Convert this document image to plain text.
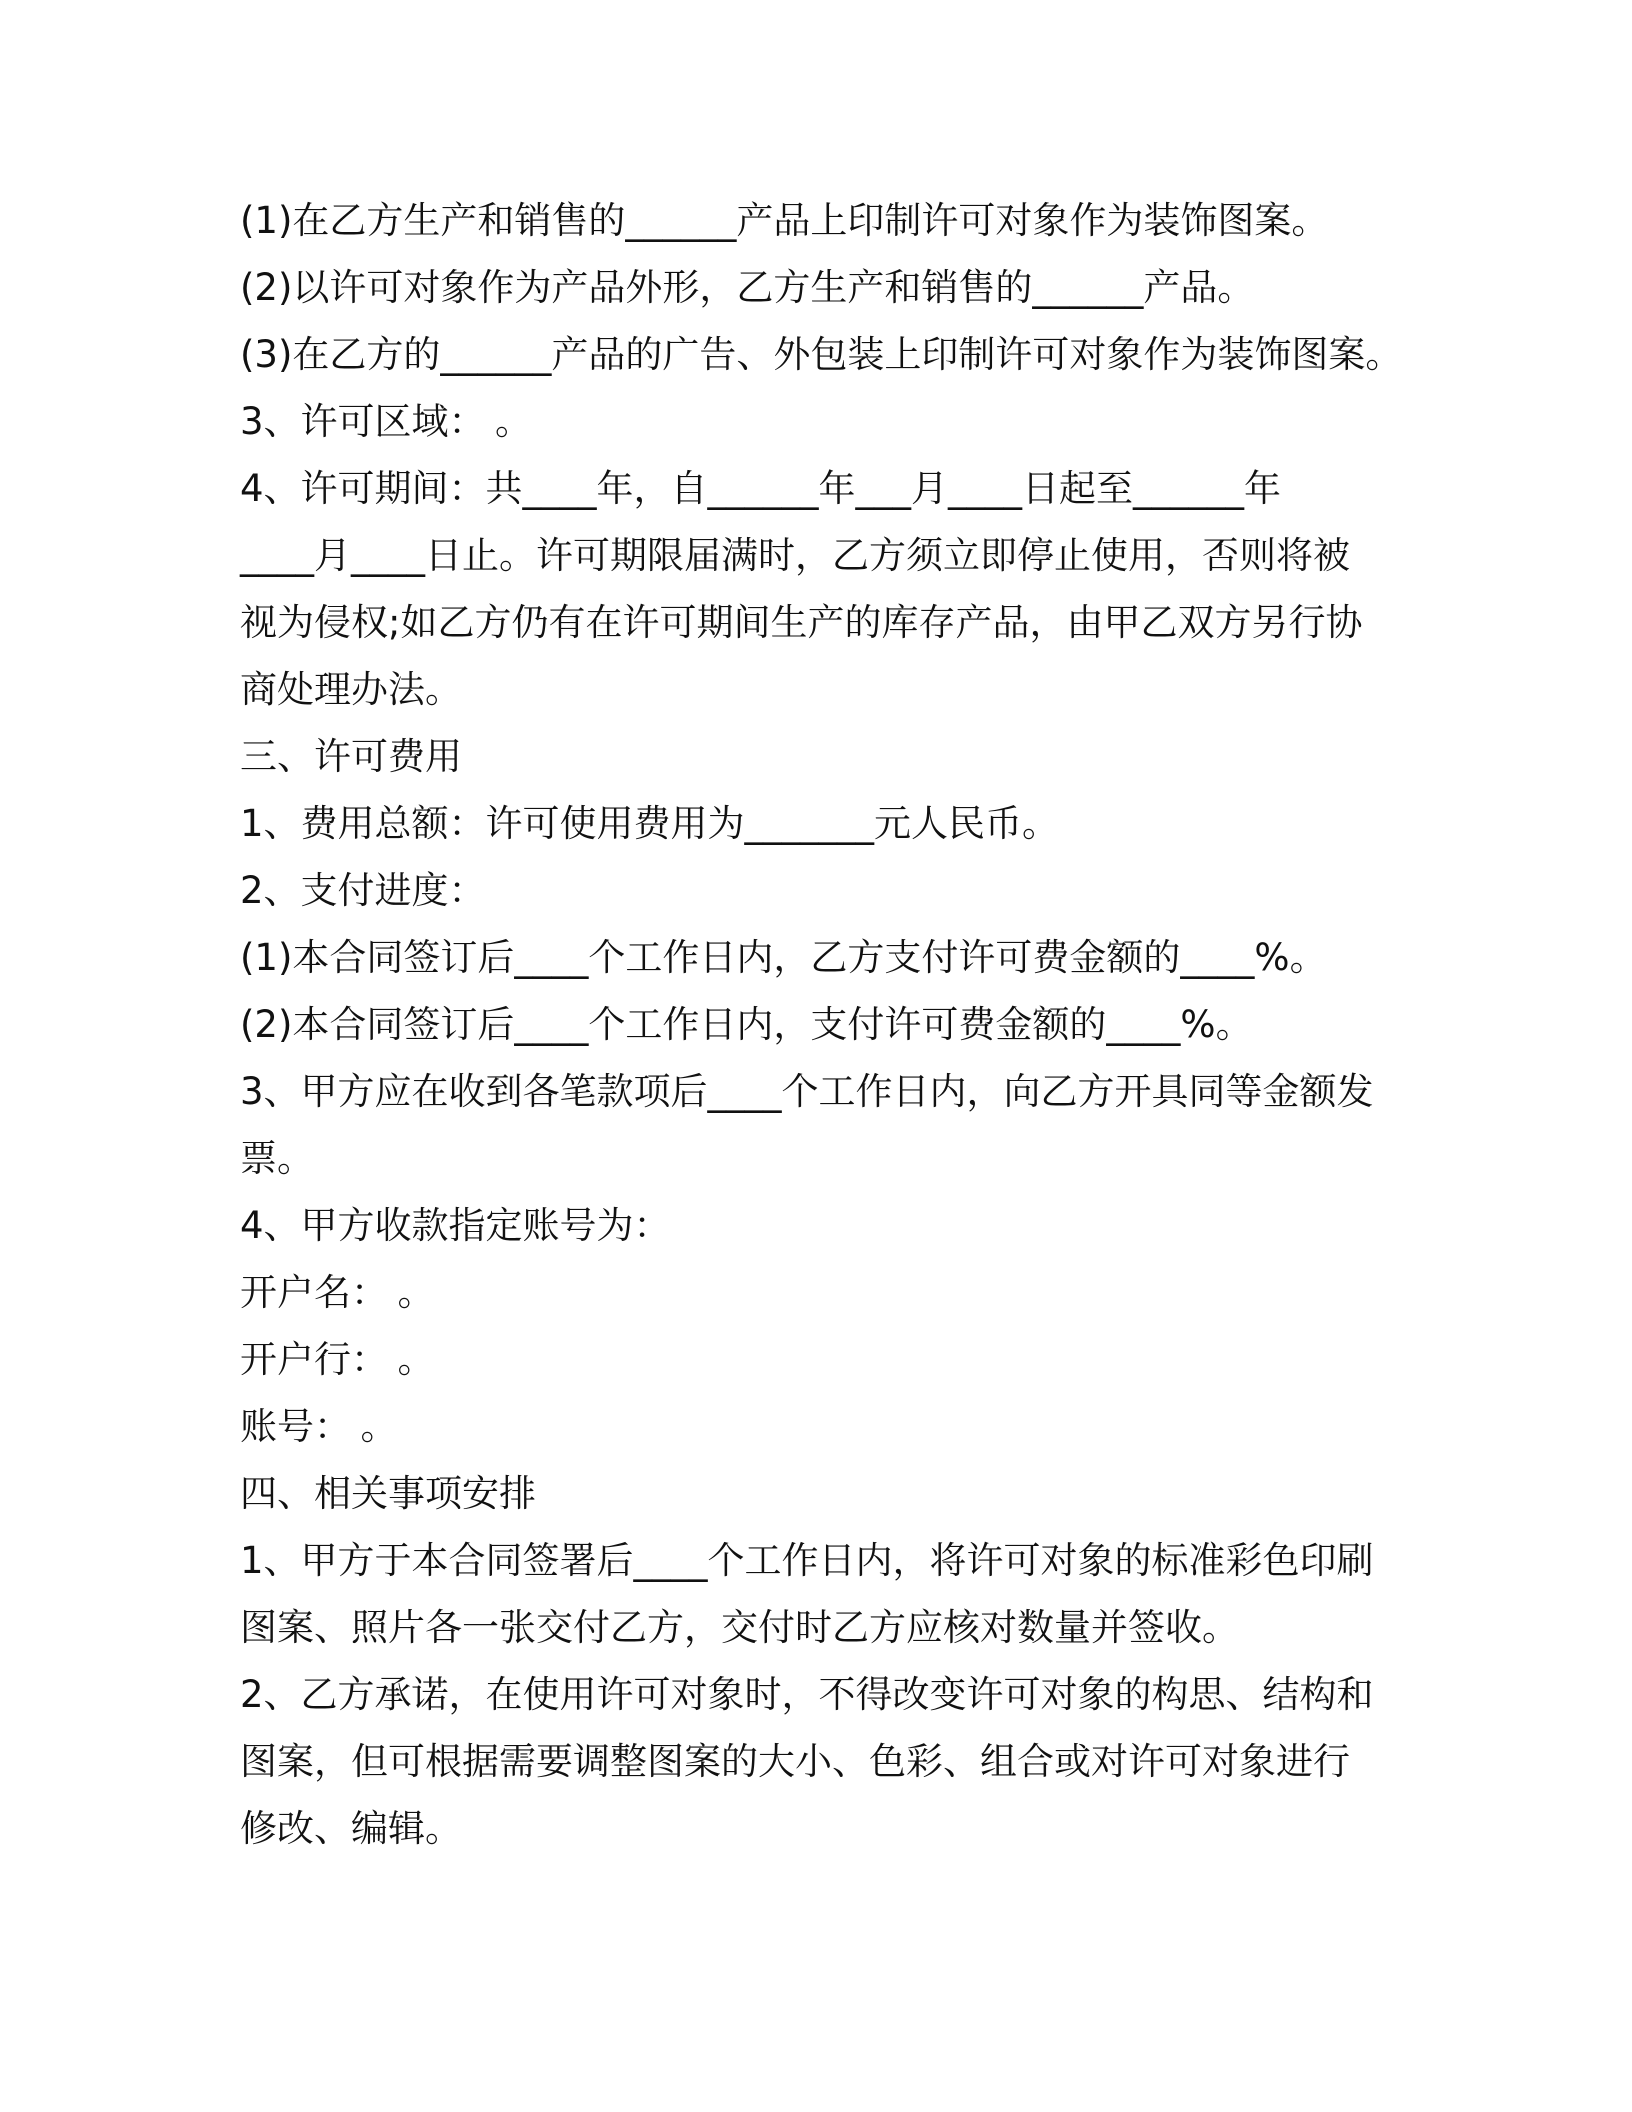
(1)在乙方生产和销售的______产品上印制许可对象作为装饰图案。
(2)以许可对象作为产品外形，乙方生产和销售的______产品。
(3)在乙方的______产品的广告、外包装上印制许可对象作为装饰图案。
3、许可区域： 。
4、许可期间：共____年，自______年___月____日起至______年
____月____日止。许可期限届满时，乙方须立即停止使用，否则将被
视为侵权;如乙方仍有在许可期间生产的库存产品，由甲乙双方另行协
商处理办法。
三、许可费用
1、费用总额：许可使用费用为_______元人民币。
2、支付进度：
(1)本合同签订后____个工作日内，乙方支付许可费金额的____%。
(2)本合同签订后____个工作日内，支付许可费金额的____%。
3、甲方应在收到各笔款项后____个工作日内，向乙方开具同等金额发
票。
4、甲方收款指定账号为：
开户名： 。
开户行： 。
账号： 。
四、相关事项安排
1、甲方于本合同签署后____个工作日内，将许可对象的标准彩色印刷
图案、照片各一张交付乙方，交付时乙方应核对数量并签收。
2、乙方承诺，在使用许可对象时，不得改变许可对象的构思、结构和
图案，但可根据需要调整图案的大小、色彩、组合或对许可对象进行
修改、编辑。
